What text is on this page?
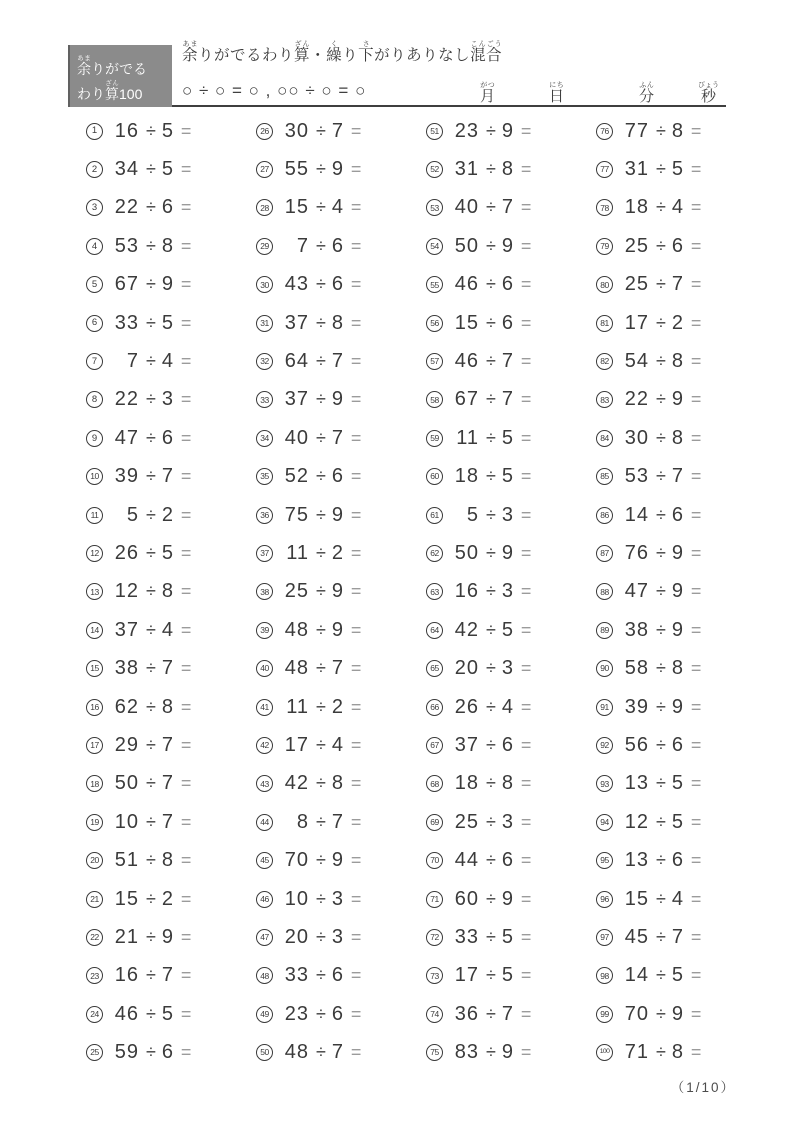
余あまりがでる
わり算ざん100
余あまりがでるわり算ざん・繰くり下さがりありなし混合こんごう
○ ÷ ○ = ○ , ○○ ÷ ○ = ○	月がつ
日にち
分ふん
秒びょう
1 16 ÷ 5 =
2 34 ÷ 5 =
3 22 ÷ 6 =
4 53 ÷ 8 =
5 67 ÷ 9 =
6 33 ÷ 5 =
7	7 ÷ 4 =
8 22 ÷ 3 =
9 47 ÷ 6 =
10 39 ÷ 7 =
11	5 ÷ 2 =
12 26 ÷ 5 =
13 12 ÷ 8 =
14 37 ÷ 4 =
15 38 ÷ 7 =
16 62 ÷ 8 =
17 29 ÷ 7 =
18 50 ÷ 7 =
19 10 ÷ 7 =
20 51 ÷ 8 =
21 15 ÷ 2 =
22 21 ÷ 9 =
23 16 ÷ 7 =
24 46 ÷ 5 =
25 59 ÷ 6 =
26 30 ÷ 7 =
27 55 ÷ 9 =
28 15 ÷ 4 =
29	7 ÷ 6 =
30 43 ÷ 6 =
31 37 ÷ 8 =
32 64 ÷ 7 =
33 37 ÷ 9 =
34 40 ÷ 7 =
35 52 ÷ 6 =
36 75 ÷ 9 =
37 11 ÷ 2 =
38 25 ÷ 9 =
39 48 ÷ 9 =
40 48 ÷ 7 =
41 11 ÷ 2 =
42 17 ÷ 4 =
43 42 ÷ 8 =
44	8 ÷ 7 =
45 70 ÷ 9 =
46 10 ÷ 3 =
47 20 ÷ 3 =
48 33 ÷ 6 =
49 23 ÷ 6 =
50 48 ÷ 7 =
51 23 ÷ 9 =
52 31 ÷ 8 =
53 40 ÷ 7 =
54 50 ÷ 9 =
55 46 ÷ 6 =
56 15 ÷ 6 =
57 46 ÷ 7 =
58 67 ÷ 7 =
59 11 ÷ 5 =
60 18 ÷ 5 =
61	5 ÷ 3 =
62 50 ÷ 9 =
63 16 ÷ 3 =
64 42 ÷ 5 =
65 20 ÷ 3 =
66 26 ÷ 4 =
67 37 ÷ 6 =
68 18 ÷ 8 =
69 25 ÷ 3 =
70 44 ÷ 6 =
71 60 ÷ 9 =
72 33 ÷ 5 =
73 17 ÷ 5 =
74 36 ÷ 7 =
75 83 ÷ 9 =
76 77 ÷ 8 =
77 31 ÷ 5 =
78 18 ÷ 4 =
79 25 ÷ 6 =
80 25 ÷ 7 =
81 17 ÷ 2 =
82 54 ÷ 8 =
83 22 ÷ 9 =
84 30 ÷ 8 =
85 53 ÷ 7 =
86 14 ÷ 6 =
87 76 ÷ 9 =
88 47 ÷ 9 =
89 38 ÷ 9 =
90 58 ÷ 8 =
91 39 ÷ 9 =
92 56 ÷ 6 =
93 13 ÷ 5 =
94 12 ÷ 5 =
95 13 ÷ 6 =
96 15 ÷ 4 =
97 45 ÷ 7 =
98 14 ÷ 5 =
99 70 ÷ 9 =
100 71 ÷ 8 =
（1/10）
